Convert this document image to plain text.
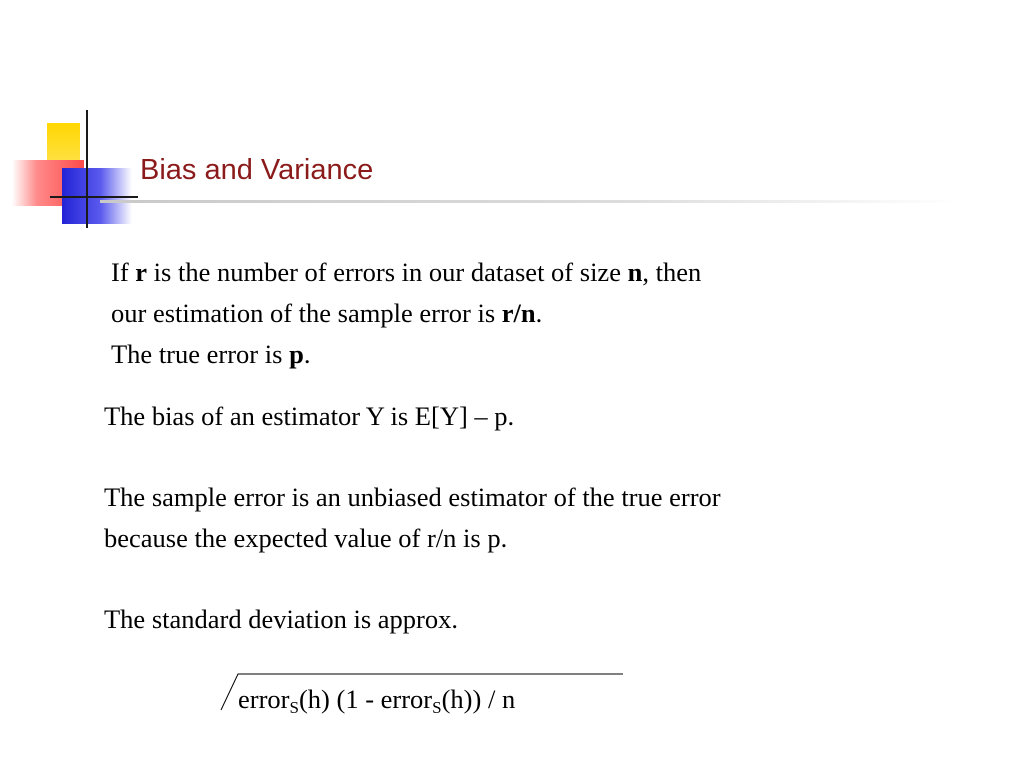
Bias and Variance
If r is the number of errors in our dataset of size n, then
our estimation of the sample error is r/n.
The true error is p.
The bias of an estimator Y is E[Y] – p.
The sample error is an unbiased estimator of the true error
because the expected value of r/n is p.
The standard deviation is approx.
error$_S$(h) (1 - error$_S$(h)) / n
